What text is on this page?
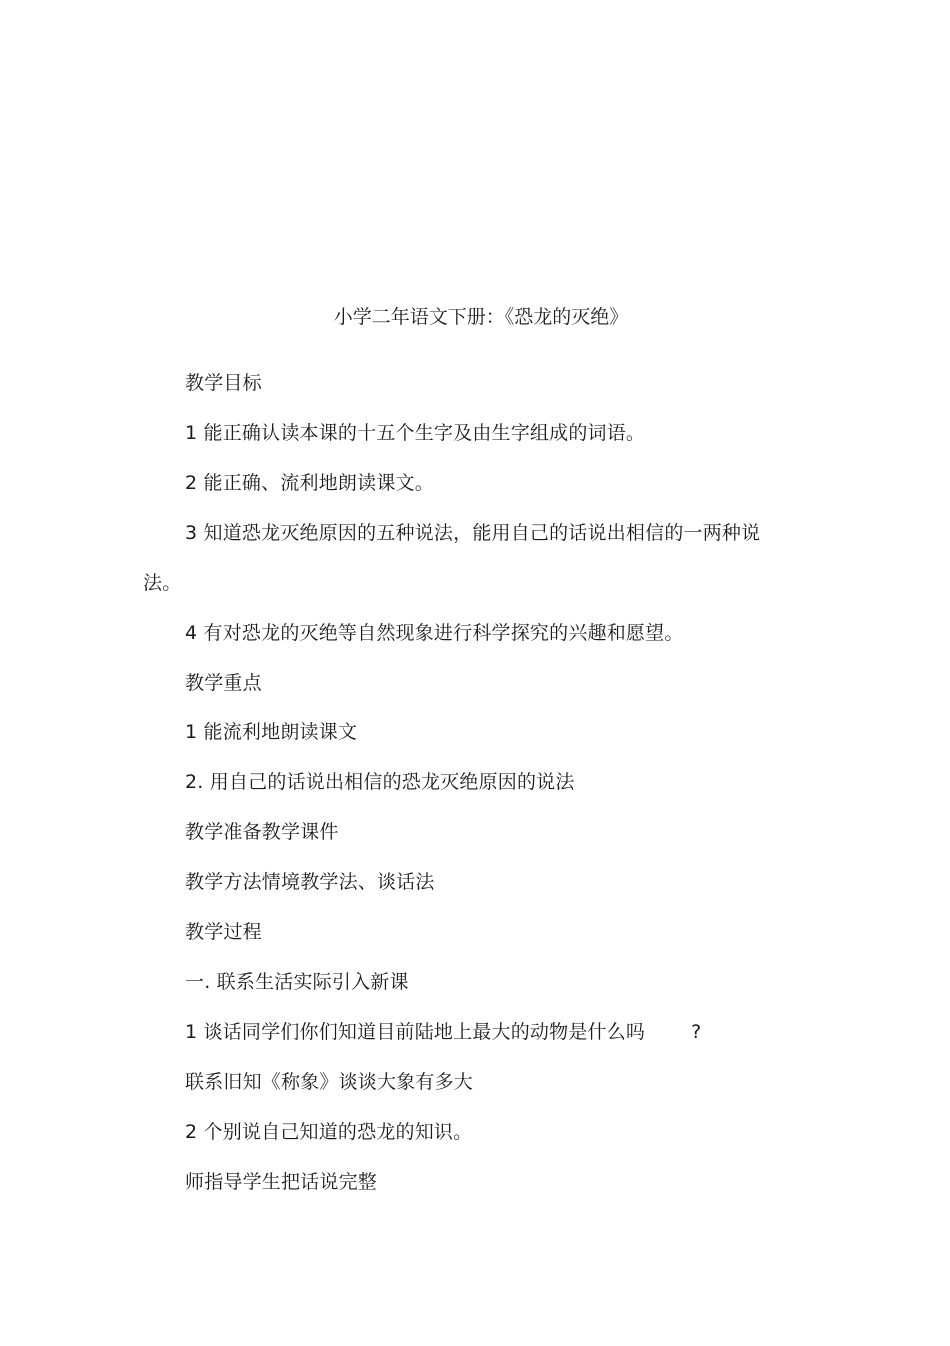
小学二年语文下册：《恐龙的灭绝》
教学目标
1 能正确认读本课的十五个生字及由生字组成的词语。
2 能正确、流利地朗读课文。
3 知道恐龙灭绝原因的五种说法，能用自己的话说出相信的一两种说
法。
4 有对恐龙的灭绝等自然现象进行科学探究的兴趣和愿望。
教学重点
1 能流利地朗读课文
2. 用自己的话说出相信的恐龙灭绝原因的说法
教学准备教学课件
教学方法情境教学法、谈话法
教学过程
一. 联系生活实际引入新课
1 谈话同学们你们知道目前陆地上最大的动物是什么吗 ?
联系旧知《称象》谈谈大象有多大
2 个别说自己知道的恐龙的知识。
师指导学生把话说完整
